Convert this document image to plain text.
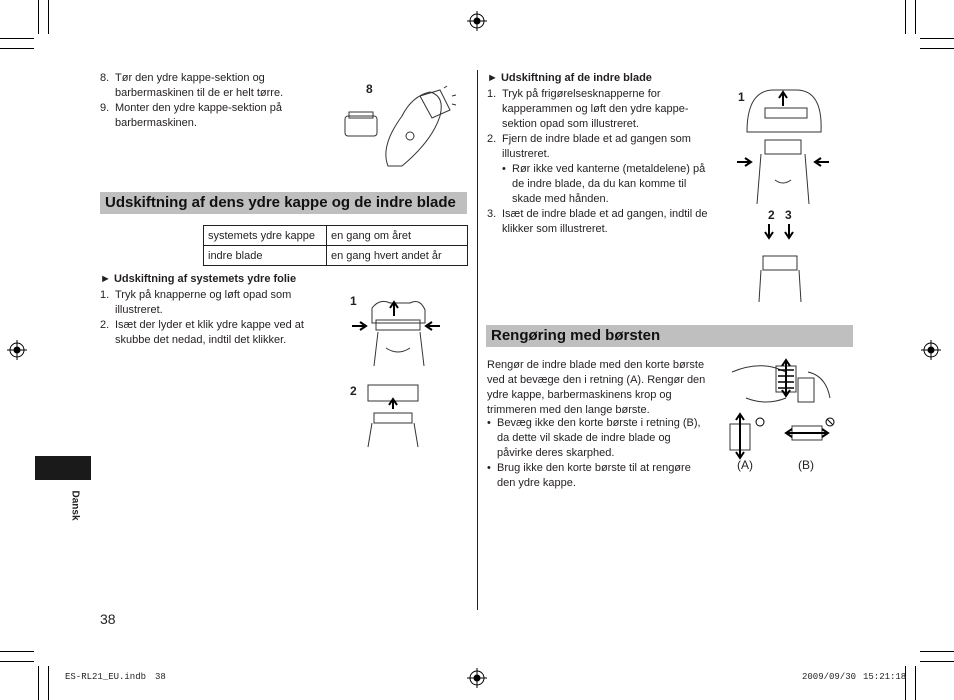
8. Tør den ydre kappe-sektion og barbermaskinen til de er helt tørre.
9. Monter den ydre kappe-sektion på barbermaskinen.
8
Udskiftning af dens ydre kappe og de indre blade
systemets ydre kappe	en gang om året
indre blade	en gang hvert andet år
► Udskiftning af systemets ydre folie
1. Tryk på knapperne og løft opad som illustreret.
2. Isæt der lyder et klik ydre kappe ved at skubbe det nedad, indtil det klikker.
1
2
Dansk
38
► Udskiftning af de indre blade
1. Tryk på frigørelsesknapperne for kapperammen og løft den ydre kappe-sektion opad som illustreret.
2. Fjern de indre blade et ad gangen som illustreret.
• Rør ikke ved kanterne (metaldelene) på de indre blade, da du kan komme til skade med hånden.
3. Isæt de indre blade et ad gangen, indtil de klikker som illustreret.
1
2 3
Rengøring med børsten
Rengør de indre blade med den korte børste ved at bevæge den i retning (A). Rengør den ydre kappe, barbermaskinens krop og trimmeren med den lange børste.
• Bevæg ikke den korte børste i retning (B), da dette vil skade de indre blade og påvirke deres skarphed.
• Brug ikke den korte børste til at rengøre den ydre kappe.
(A)	(B)
ES-RL21_EU.indb 38	2009/09/30 15:21:18
